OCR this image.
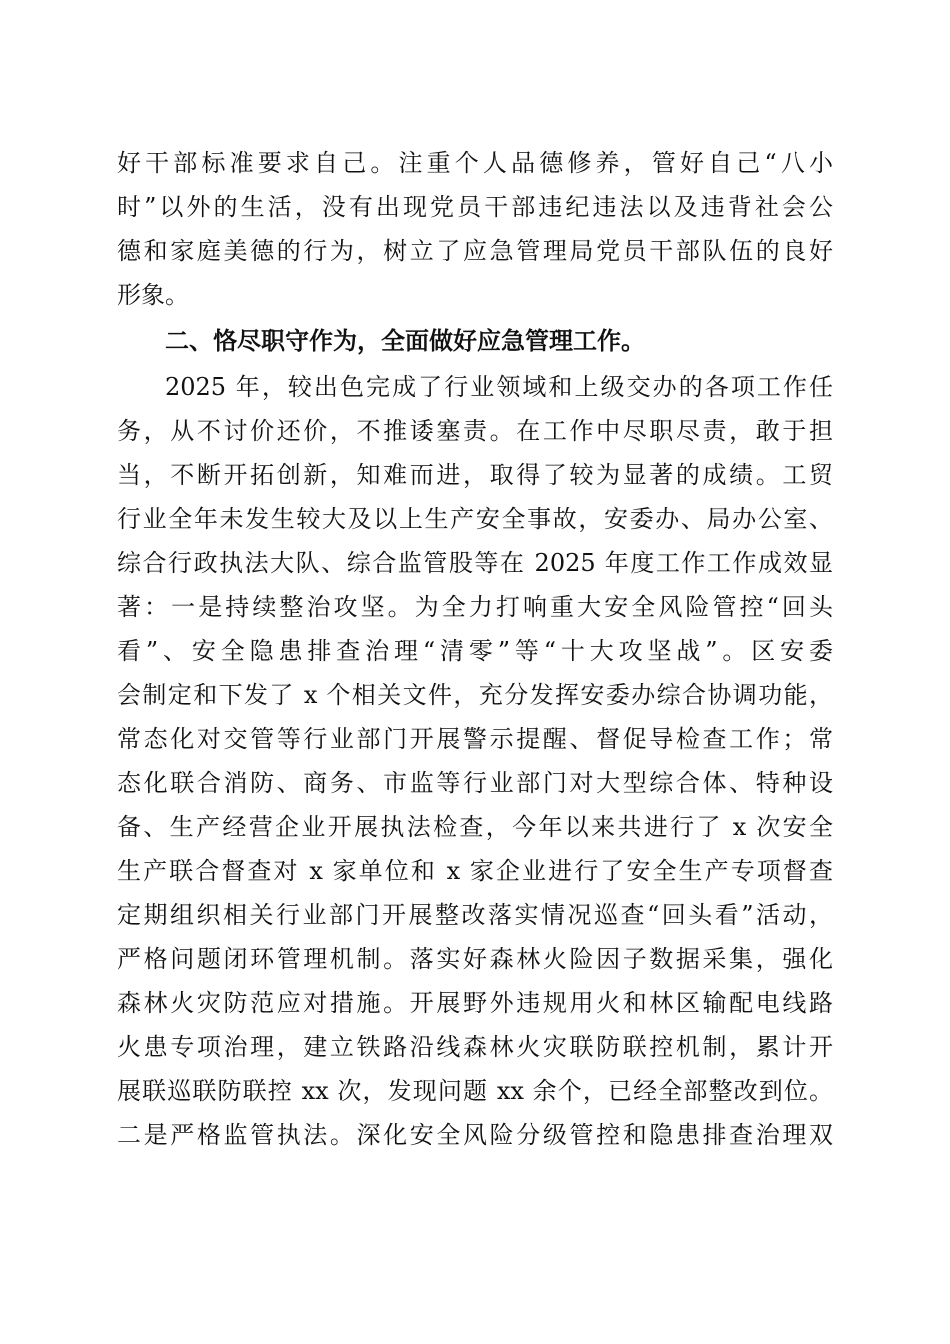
好干部标准要求自己。注重个人品德修养，管好自己“八小
时”以外的生活，没有出现党员干部违纪违法以及违背社会公
德和家庭美德的行为，树立了应急管理局党员干部队伍的良好
形象。
二、恪尽职守作为，全面做好应急管理工作。
2025 年，较出色完成了行业领域和上级交办的各项工作任
务，从不讨价还价，不推诿塞责。在工作中尽职尽责，敢于担
当，不断开拓创新，知难而进，取得了较为显著的成绩。工贸
行业全年未发生较大及以上生产安全事故，安委办、局办公室、
综合行政执法大队、综合监管股等在 2025 年度工作工作成效显
著：一是持续整治攻坚。为全力打响重大安全风险管控“回头
看”、安全隐患排查治理“清零”等“十大攻坚战”。区安委
会制定和下发了 x 个相关文件，充分发挥安委办综合协调功能，
常态化对交管等行业部门开展警示提醒、督促导检查工作；常
态化联合消防、商务、市监等行业部门对大型综合体、特种设
备、生产经营企业开展执法检查，今年以来共进行了 x 次安全
生产联合督查对 x 家单位和 x 家企业进行了安全生产专项督查
定期组织相关行业部门开展整改落实情况巡查“回头看”活动，
严格问题闭环管理机制。落实好森林火险因子数据采集，强化
森林火灾防范应对措施。开展野外违规用火和林区输配电线路
火患专项治理，建立铁路沿线森林火灾联防联控机制，累计开
展联巡联防联控 xx 次，发现问题 xx 余个，已经全部整改到位。
二是严格监管执法。深化安全风险分级管控和隐患排查治理双
